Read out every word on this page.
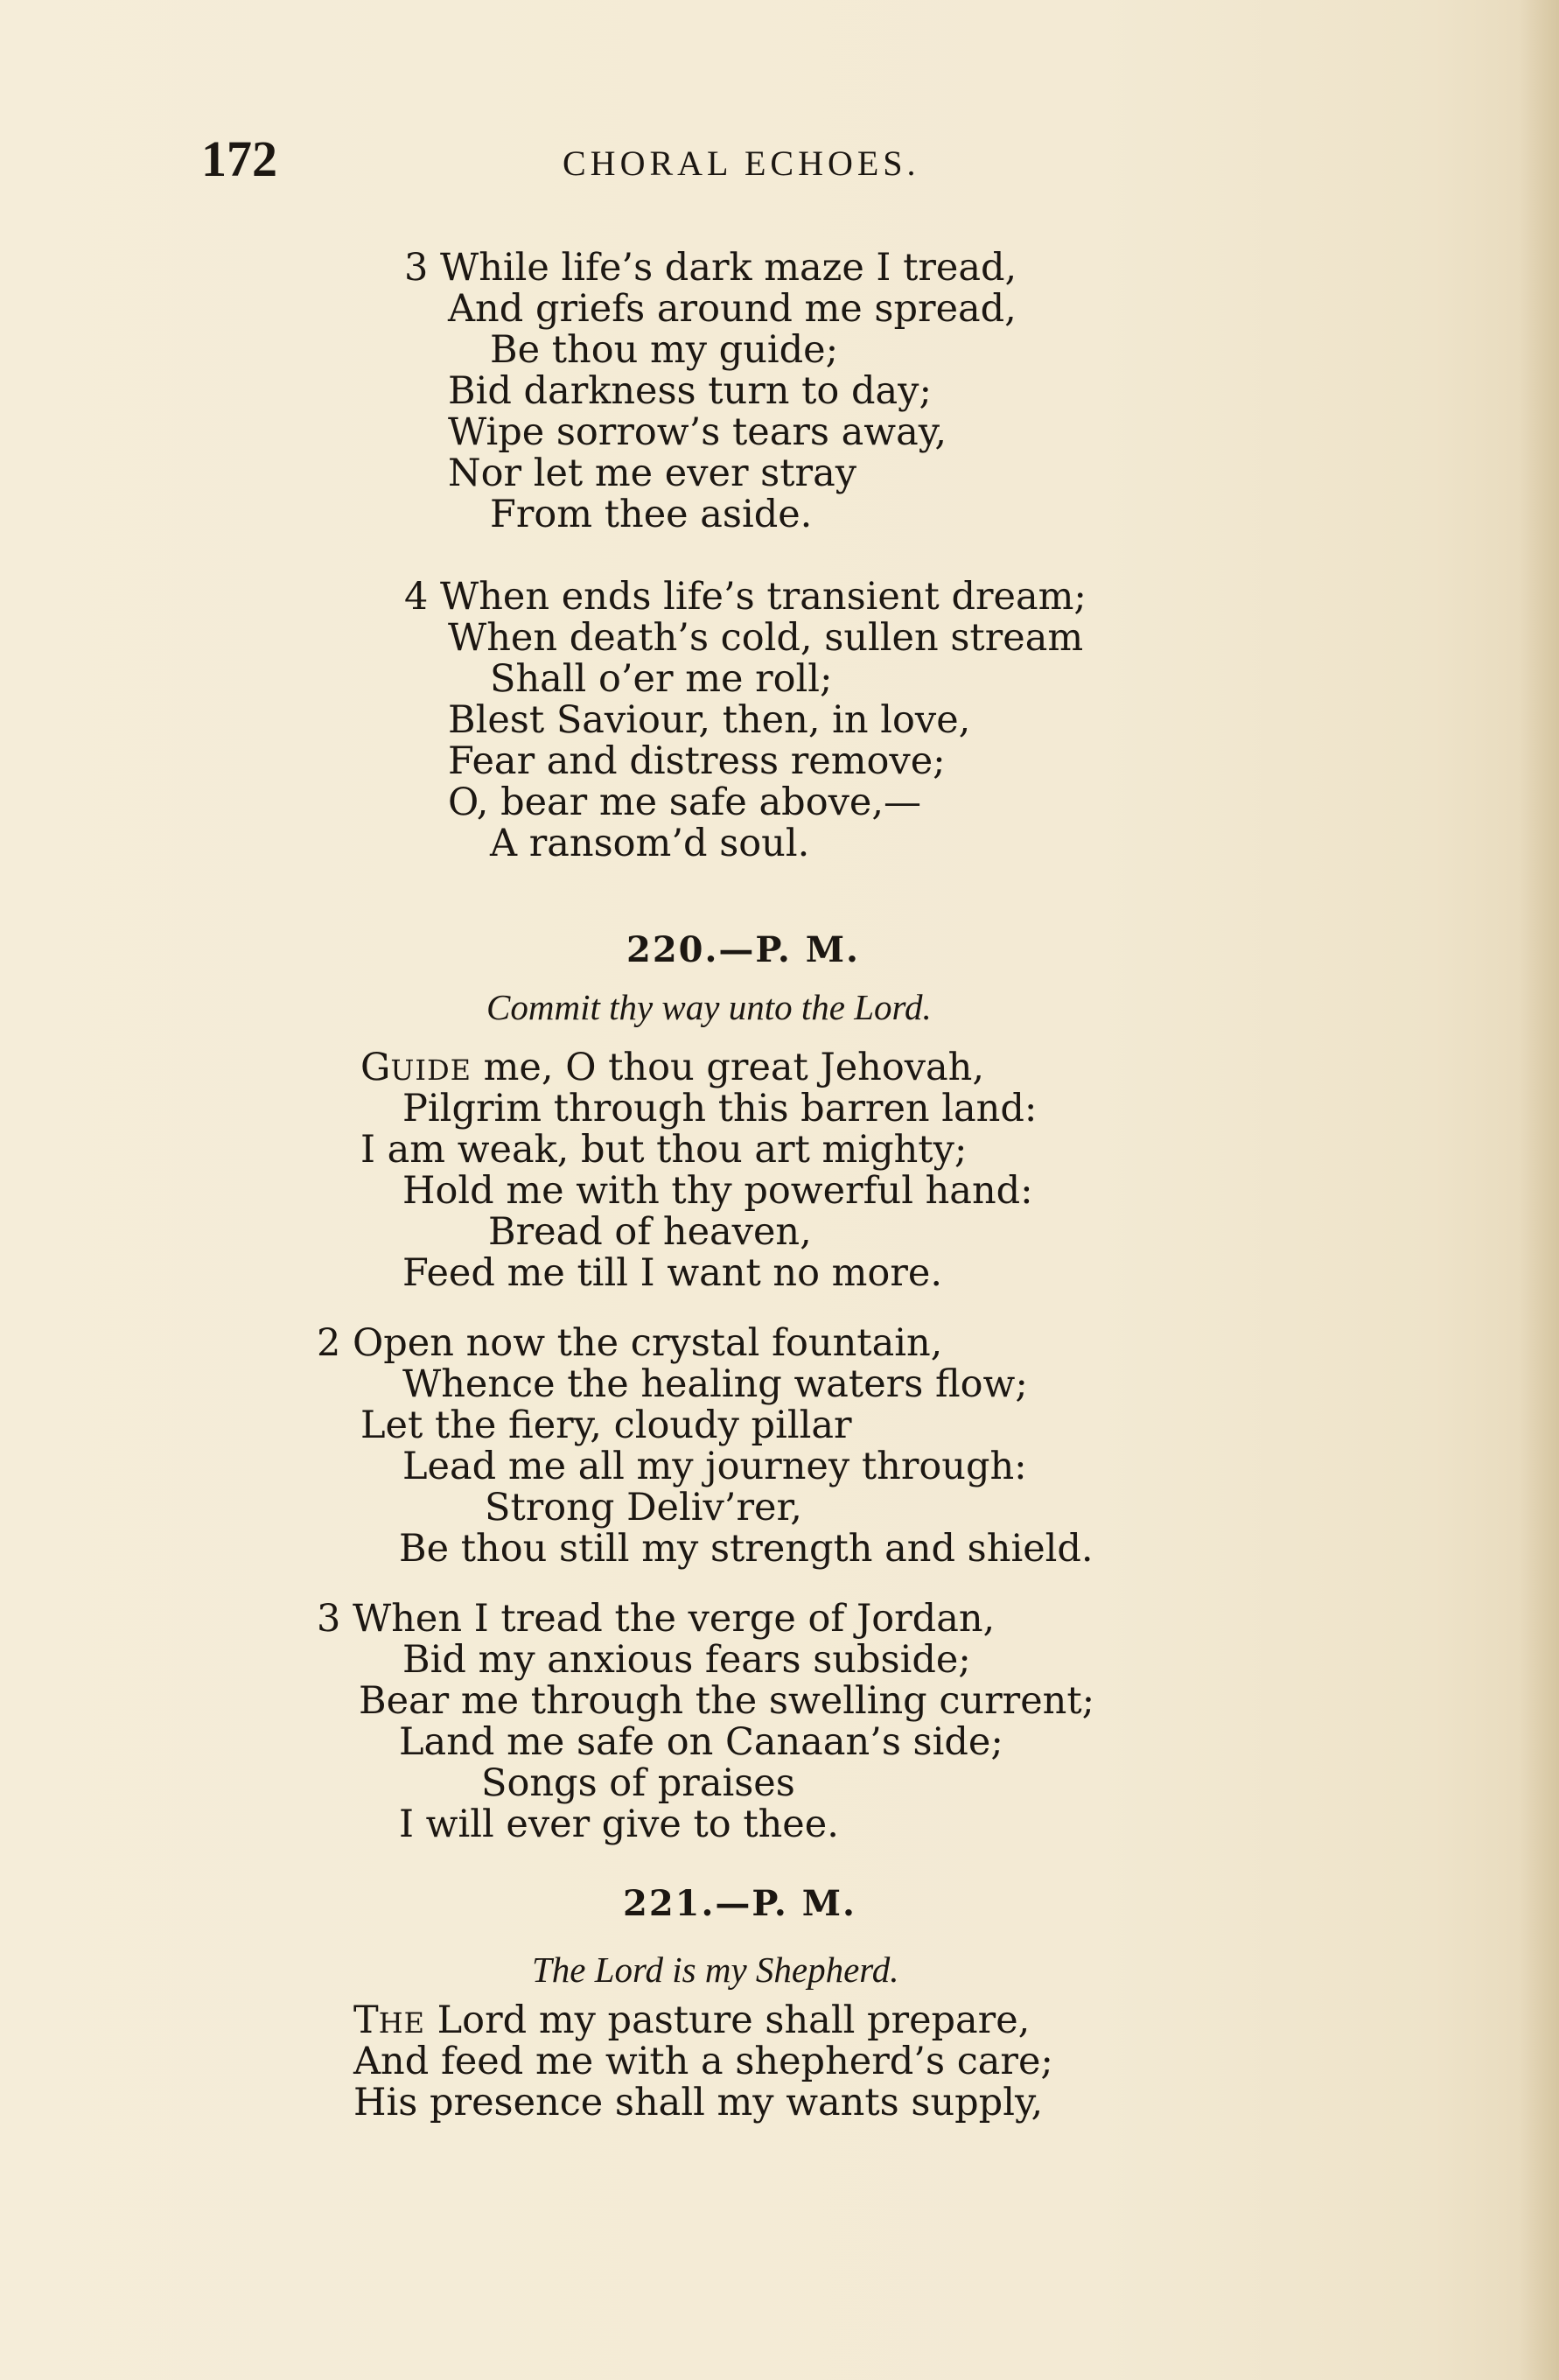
172	CHORAL ECHOES.
3 While life’s dark maze I tread,
And griefs around me spread,
Be thou my guide;
Bid darkness turn to day;
Wipe sorrow’s tears away,
Nor let me ever stray
From thee aside.
4 When ends life’s transient dream;
When death’s cold, sullen stream
Shall o’er me roll;
Blest Saviour, then, in love,
Fear and distress remove;
O, bear me safe above,—
A ransom’d soul.
220.—P. M.
Commit thy way unto the Lord.
GUIDE me, O thou great Jehovah,
Pilgrim through this barren land:
I am weak, but thou art mighty;
Hold me with thy powerful hand:
Bread of heaven,
Feed me till I want no more.
2 Open now the crystal fountain,
Whence the healing waters flow;
Let the fiery, cloudy pillar
Lead me all my journey through:
Strong Deliv’rer,
Be thou still my strength and shield.
3 When I tread the verge of Jordan,
Bid my anxious fears subside;
Bear me through the swelling current;
Land me safe on Canaan’s side;
Songs of praises
I will ever give to thee.
221.—P. M.
The Lord is my Shepherd.
THE Lord my pasture shall prepare,
And feed me with a shepherd’s care;
His presence shall my wants supply,
